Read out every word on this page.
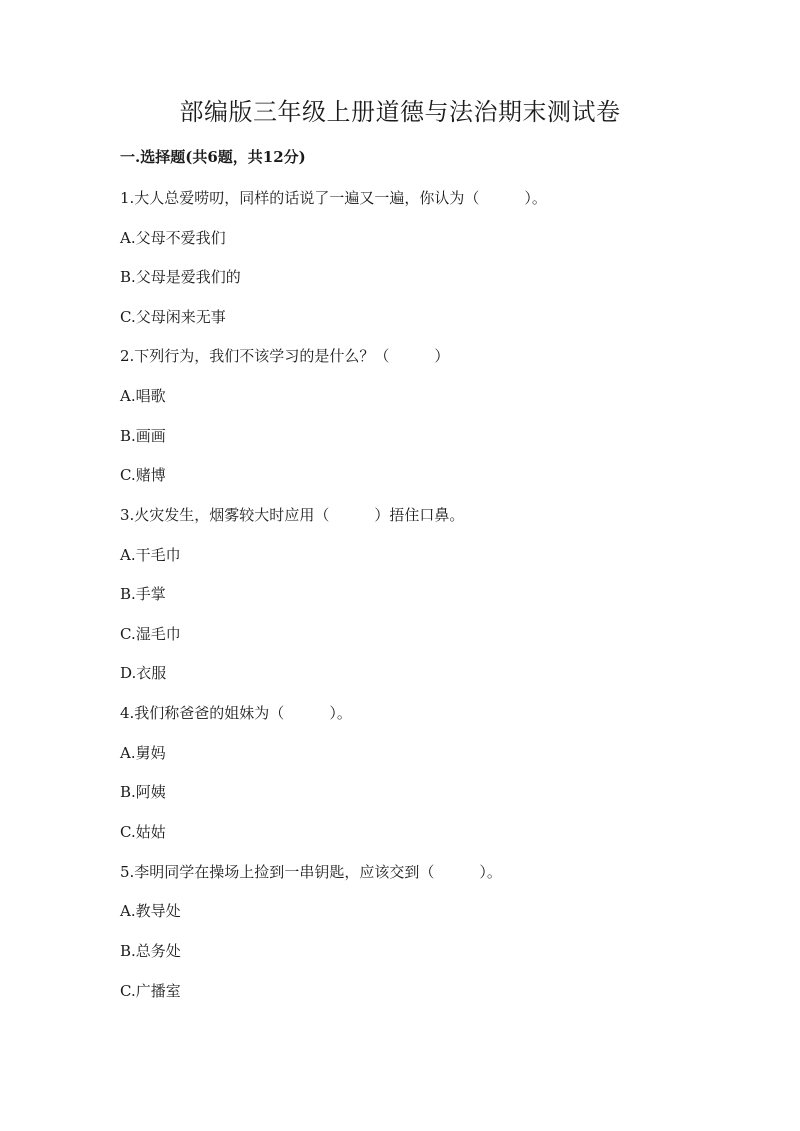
部编版三年级上册道德与法治期末测试卷
一.选择题(共6题，共12分)
1.大人总爱唠叨，同样的话说了一遍又一遍，你认为（　　　）。
A.父母不爱我们
B.父母是爱我们的
C.父母闲来无事
2.下列行为，我们不该学习的是什么？（　　　）
A.唱歌
B.画画
C.赌博
3.火灾发生，烟雾较大时应用（　　　）捂住口鼻。
A.干毛巾
B.手掌
C.湿毛巾
D.衣服
4.我们称爸爸的姐妹为（　　　）。
A.舅妈
B.阿姨
C.姑姑
5.李明同学在操场上捡到一串钥匙，应该交到（　　　）。
A.教导处
B.总务处
C.广播室
